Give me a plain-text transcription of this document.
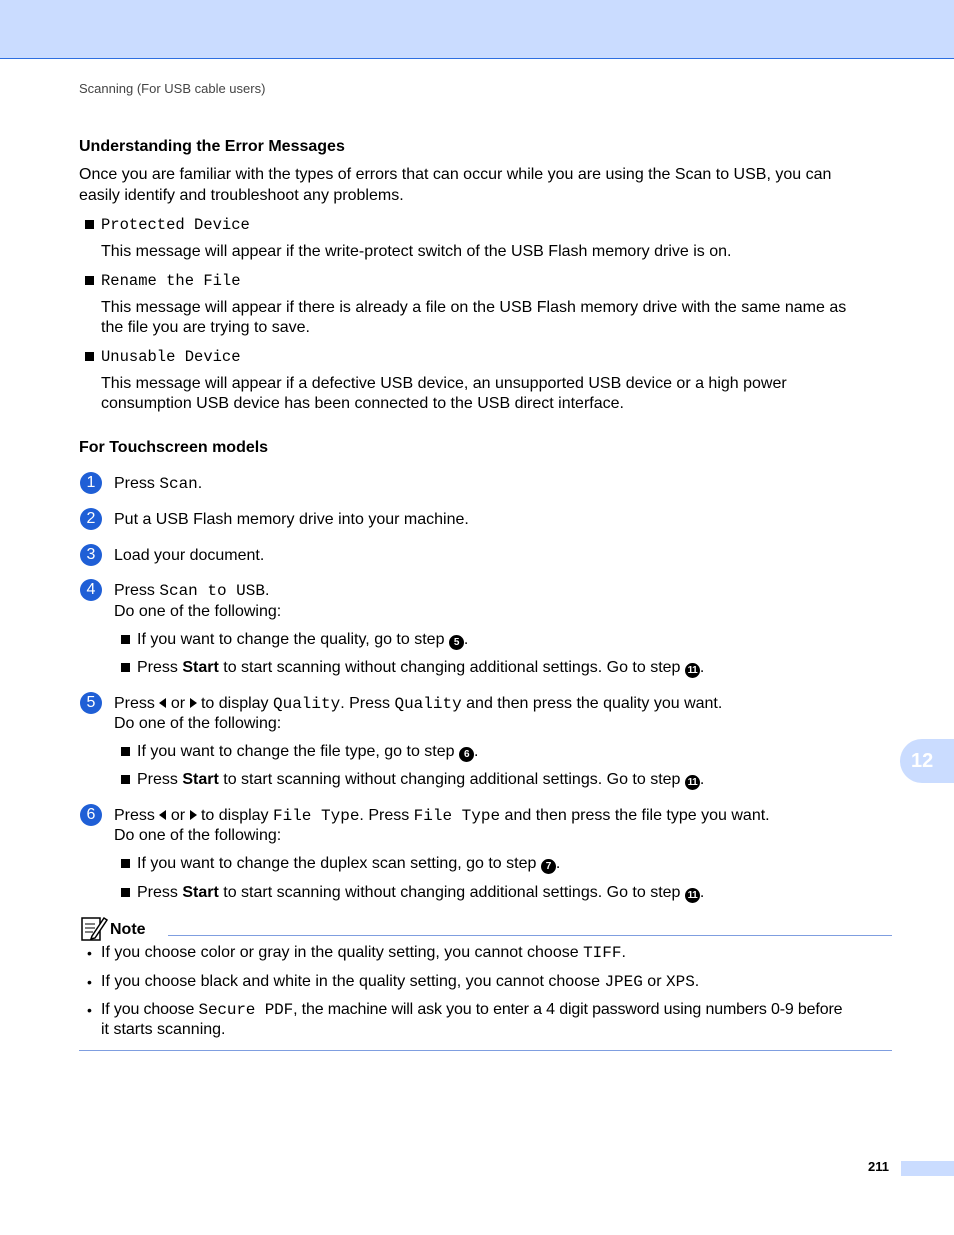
Scanning (For USB cable users)
Understanding the Error Messages
Once you are familiar with the types of errors that can occur while you are using the Scan to USB, you can
easily identify and troubleshoot any problems.
Protected Device
This message will appear if the write-protect switch of the USB Flash memory drive is on.
Rename the File
This message will appear if there is already a file on the USB Flash memory drive with the same name as
the file you are trying to save.
Unusable Device
This message will appear if a defective USB device, an unsupported USB device or a high power
consumption USB device has been connected to the USB direct interface.
For Touchscreen models
1	Press Scan.
2	Put a USB Flash memory drive into your machine.
3	Load your document.
4	Press Scan to USB.
Do one of the following:
If you want to change the quality, go to step 5 .
Press Start to start scanning without changing additional settings. Go to step 11 .
5	Press or to display Quality. Press Quality and then press the quality you want.
Do one of the following:
If you want to change the file type, go to step 6 .
Press Start to start scanning without changing additional settings. Go to step 11 .
6	Press or to display File Type. Press File Type and then press the file type you want.
Do one of the following:
If you want to change the duplex scan setting, go to step 7 .
Press Start to start scanning without changing additional settings. Go to step 11 .
12
Note
• If you choose color or gray in the quality setting, you cannot choose TIFF.
• If you choose black and white in the quality setting, you cannot choose JPEG or XPS.
• If you choose Secure PDF, the machine will ask you to enter a 4 digit password using numbers 0-9 before
it starts scanning.
211
